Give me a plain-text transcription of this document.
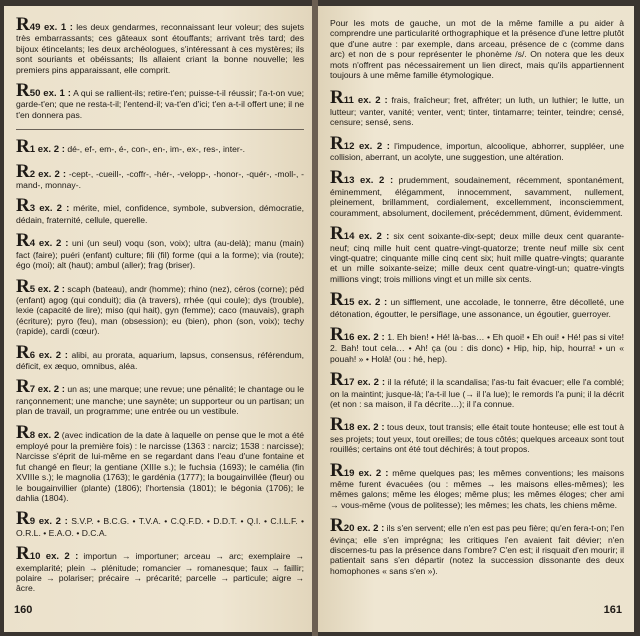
R49 ex. 1 : les deux gendarmes, reconnaissant leur voleur; des sujets très embarrassants; ces gâteaux sont étouffants; arrivant très tard; des bijoux étincelants; les deux archéologues, s'intéressant à ces mystères; ils sont souriants et obéissants; Ils allaient criant la bonne nouvelle; les premiers pins apparaissant, elle comprit.
R50 ex. 1 : A qui se rallient-ils; retire-t'en; puisse-t-il réussir; l'a-t-on vue; garde-t'en; que ne resta-t-il; l'entend-il; va-t'en d'ici; t'en a-t-il offert une; il ne t'en donnera pas.
R1 ex. 2 : dé-, ef-, em-, é-, con-, en-, im-, ex-, res-, inter-.
R2 ex. 2 : -cept-, -cueill-, -coffr-, -hér-, -velopp-, -honor-, -quér-, -moll-, -mand-, monnay-.
R3 ex. 2 : mérite, miel, confidence, symbole, subversion, démocratie, dédain, fraternité, cellule, querelle.
R4 ex. 2 : uni (un seul) voqu (son, voix); ultra (au-delà); manu (main) fact (faire); puéri (enfant) culture; fili (fil) forme (qui a la forme); via (route); égo (moi); alt (haut); ambul (aller); frag (briser).
R5 ex. 2 : scaph (bateau), andr (homme); rhino (nez), céros (corne); péd (enfant) agog (qui conduit); dia (à travers), rrhée (qui coule); dys (trouble), lexie (capacité de lire); miso (qui hait), gyn (femme); caco (mauvais), graph (écriture); pyro (feu), man (obsession); eu (bien), phon (son, voix); techy (rapide), cardi (cœur).
R6 ex. 2 : alibi, au prorata, aquarium, lapsus, consensus, référendum, déficit, ex æquo, omnibus, aléa.
R7 ex. 2 : un as; une marque; une revue; une pénalité; le chantage ou le rançonnement; une manche; une saynète; un supporteur ou un partisan; un plan de travail, un programme; une entrée ou un vestibule.
R8 ex. 2 (avec indication de la date à laquelle on pense que le mot a été employé pour la première fois) : le narcisse (1363 : narciz; 1538 : narcisse); Narcisse s'éprit de lui-même en se regardant dans l'eau d'une fontaine et fut changé en fleur; la gentiane (XIIIe s.); le fuchsia (1693); le camélia (fin XVIIIe s.); le magnolia (1763); le gardénia (1777); la bougainvillée (fleur) ou le bougainvillier (plante) (1806); l'hortensia (1801); le bégonia (1706); le dahlia (1804).
R9 ex. 2 : S.V.P. • B.C.G. • T.V.A. • C.Q.F.D. • D.D.T. • Q.I. • C.I.L.F. • O.R.L. • E.A.O. • D.C.A.
R10 ex. 2 : importun → importuner; arceau → arc; exemplaire → exemplarité; plein → plénitude; romancier → romanesque; faux → faillir; polaire → polariser; précaire → précarité; parcelle → particule; aigre → âcre.
160
Pour les mots de gauche, un mot de la même famille a pu aider à comprendre une particularité orthographique et la présence d'une lettre plutôt que d'une autre : par exemple, dans arceau, présence de c (comme dans arc) et non de s pour représenter le phonème /s/. On notera que les deux mots n'offrent pas nécessairement un lien direct, mais qu'ils appartiennent toujours à une même famille étymologique.
R11 ex. 2 : frais, fraîcheur; fret, affréter; un luth, un luthier; le lutte, un lutteur; vanter, vanité; venter, vent; tinter, tintamarre; teinter, teindre; censé, censure; sensé, sens.
R12 ex. 2 : l'impudence, importun, alcoolique, abhorrer, suppléer, une collision, aberrant, un acolyte, une suggestion, une altération.
R13 ex. 2 : prudemment, soudainement, récemment, spontanément, éminemment, élégamment, innocemment, savamment, nullement, pleinement, brillamment, cordialement, excellemment, inconsciemment, couramment, absolument, docilement, précédemment, dûment, évidemment.
R14 ex. 2 : six cent soixante-dix-sept; deux mille deux cent quarante-neuf; cinq mille huit cent quatre-vingt-quatorze; trente neuf mille six cent vingt-quatre; cinquante mille cinq cent six; huit mille quatre-vingts; quarante et un mille soixante-seize; mille deux cent quatre-vingt-un; quatre-vingts millions vingt; trois millions vingt et un mille six cents.
R15 ex. 2 : un sifflement, une accolade, le tonnerre, être décolleté, une détonation, égoutter, le persiflage, une assonance, un égoutier, guerroyer.
R16 ex. 2 : 1. Eh bien! • Hé! là-bas… • Eh quoi! • Eh oui! • Hé! pas si vite! 2. Bah! tout cela… • Ah! ça (ou : dis donc) • Hip, hip, hip, hourra! • un « pouah! » • Holà! (ou : hé, hep).
R17 ex. 2 : il la réfuté; il la scandalisa; l'as-tu fait évacuer; elle l'a comblé; on la maintint; jusque-là; l'a-t-il lue (→ il l'a lue); le remords l'a puni; il la décrit (et non : sa maison, il l'a décrite…); il l'a connue.
R18 ex. 2 : tous deux, tout transis; elle était toute honteuse; elle est tout à ses projets; tout yeux, tout oreilles; de tous côtés; quelques arceaux sont tout rouillés; certains ont été tout déchirés; à tout propos.
R19 ex. 2 : même quelques pas; les mêmes conventions; les maisons même furent évacuées (ou : mêmes → les maisons elles-mêmes); les mêmes galons; même les éloges; même plus; les mêmes éloges; cher ami → vous-même (vous de politesse); les mêmes; les chats, les chiens même.
R20 ex. 2 : ils s'en servent; elle n'en est pas peu fière; qu'en fera-t-on; l'en évinça; elle s'en imprégna; les critiques l'en avaient fait dévier; n'en discernes-tu pas la présence dans l'ombre? C'en est; il risquait d'en mourir; il patientait sans s'en départir (notez la succession dissonante des deux homophones « sans s'en »).
161
